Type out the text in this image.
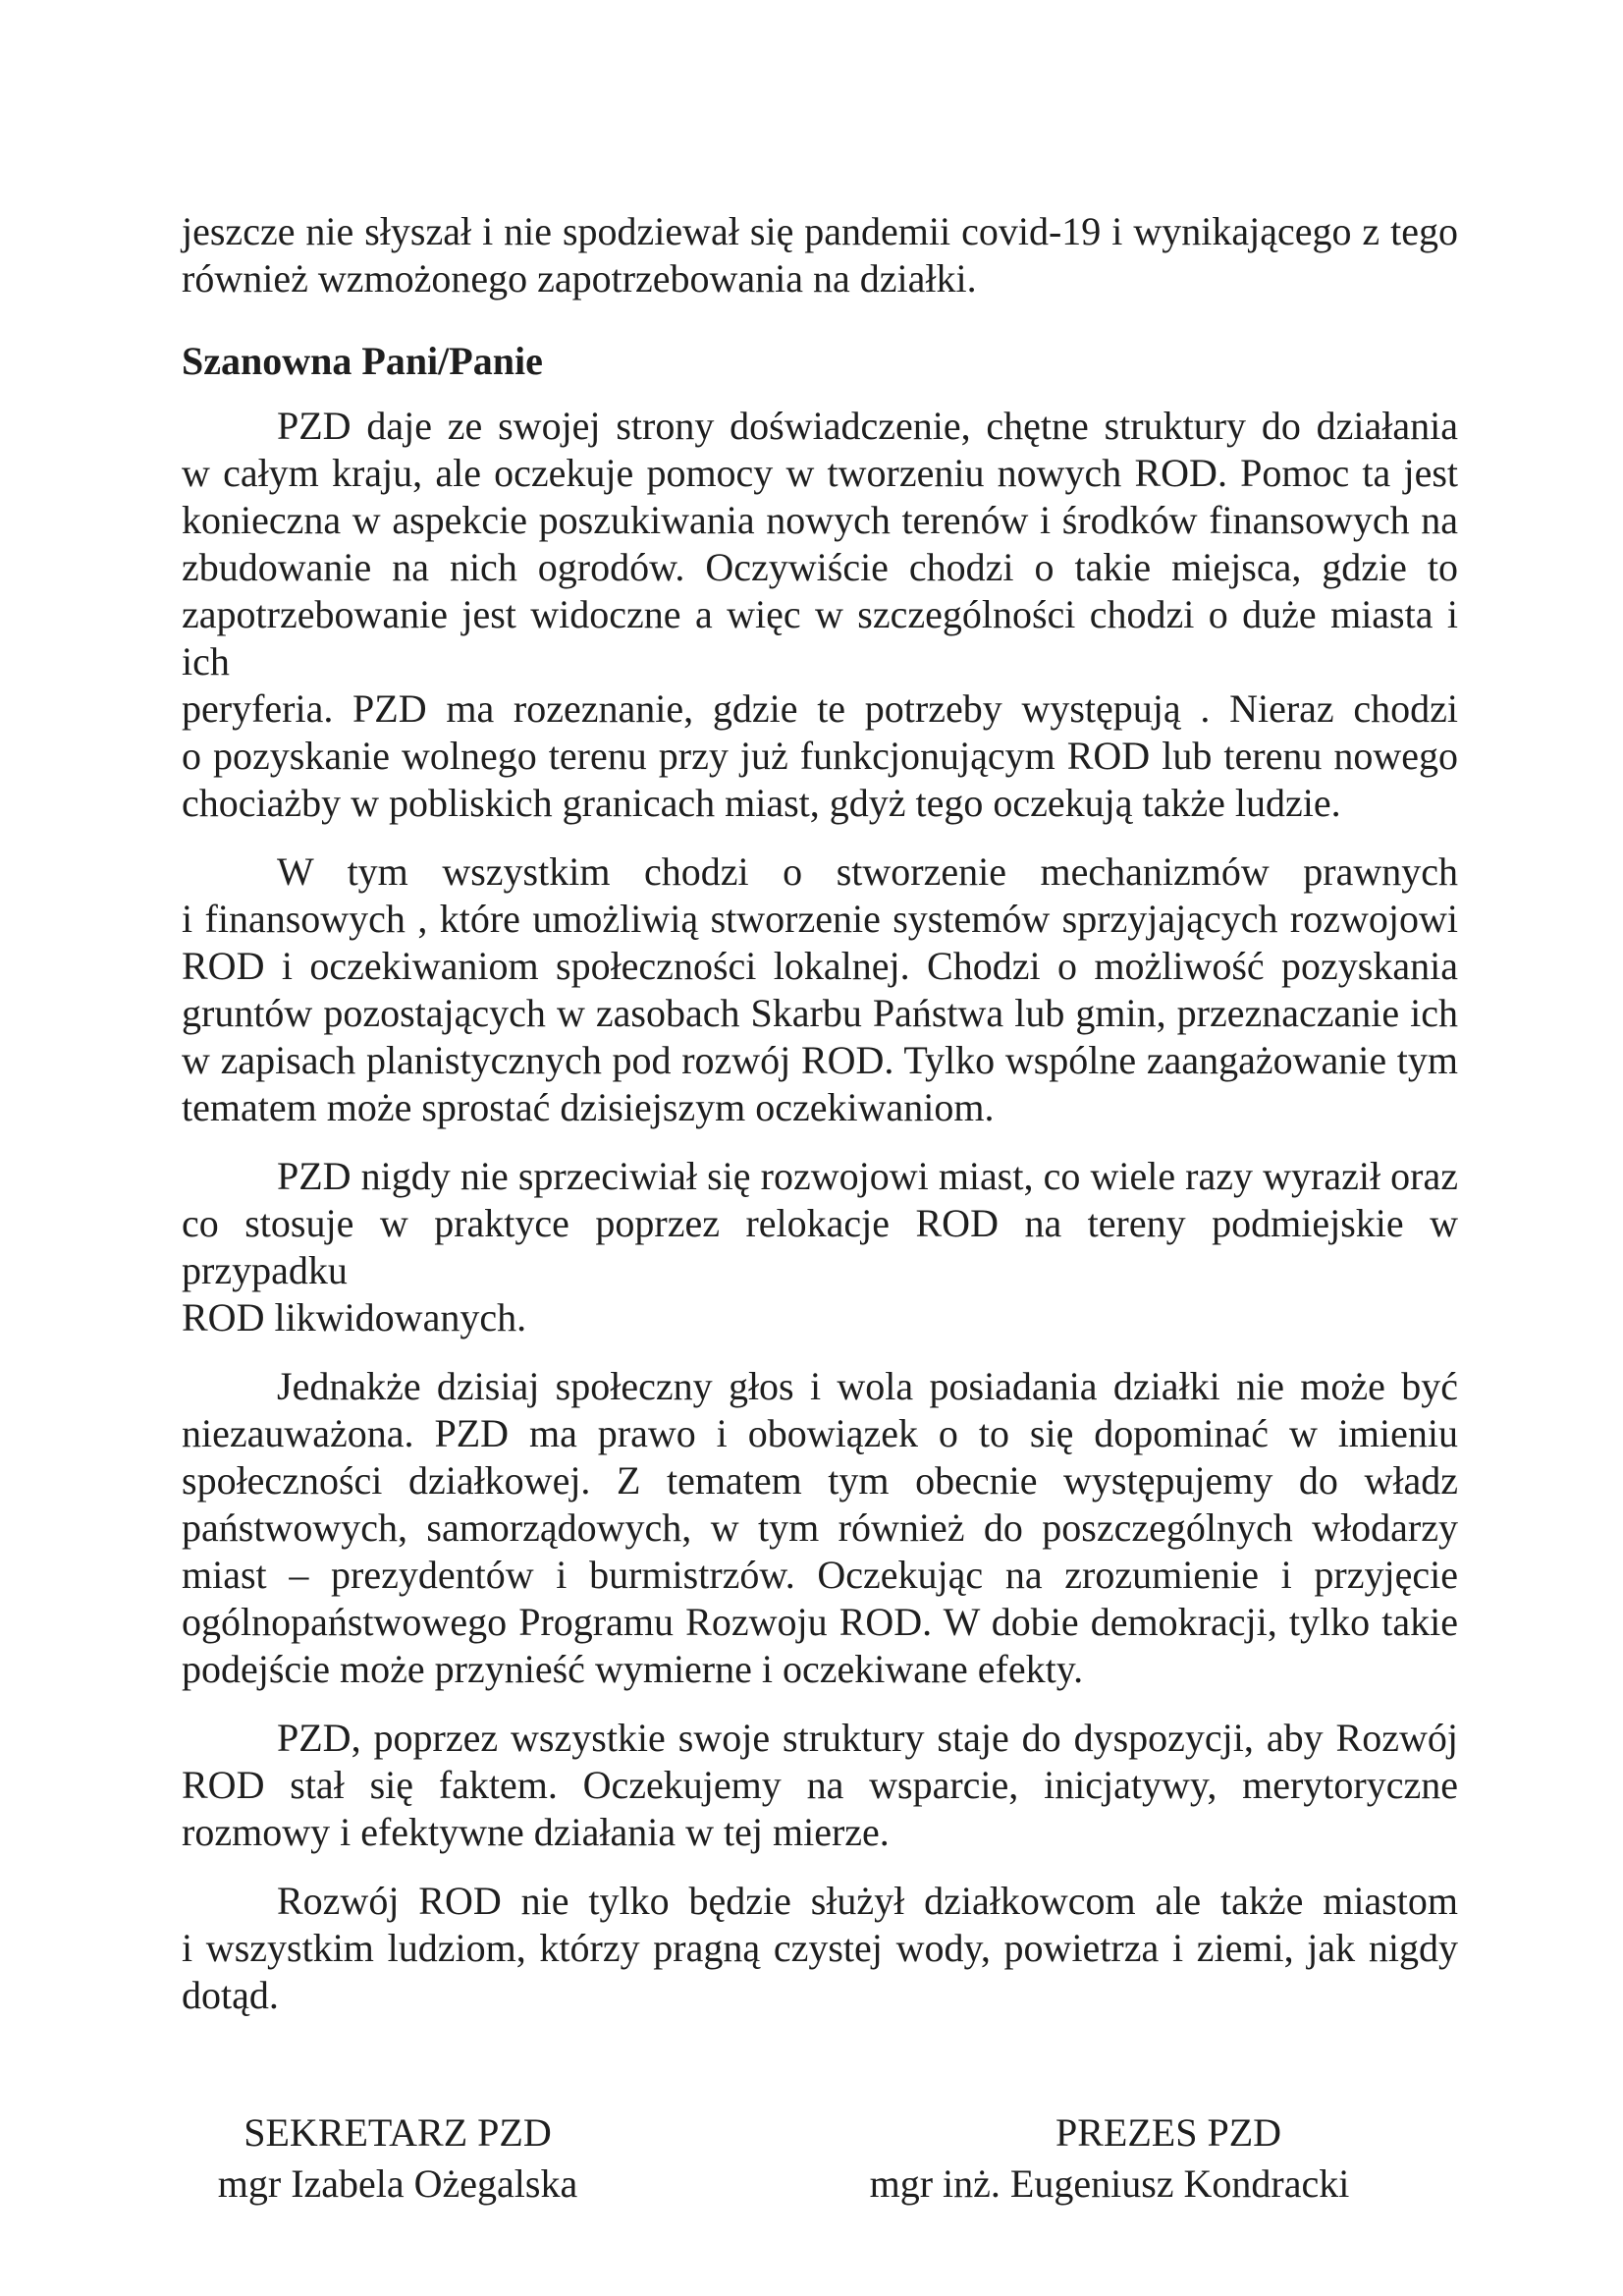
jeszcze nie słyszał i nie spodziewał się pandemii covid-19 i wynikającego z tego
również wzmożonego zapotrzebowania na działki.
Szanowna Pani/Panie
PZD daje ze swojej strony doświadczenie, chętne struktury do działania
w całym kraju, ale oczekuje pomocy w tworzeniu nowych ROD. Pomoc ta jest
konieczna w aspekcie poszukiwania nowych terenów i środków finansowych na
zbudowanie na nich ogrodów. Oczywiście chodzi o takie miejsca, gdzie to
zapotrzebowanie jest widoczne a więc w szczególności chodzi o duże miasta i ich
peryferia. PZD ma rozeznanie, gdzie te potrzeby występują . Nieraz chodzi
o pozyskanie wolnego terenu przy już funkcjonującym ROD lub terenu nowego
chociażby w pobliskich granicach miast, gdyż tego oczekują także ludzie.
W tym wszystkim chodzi o stworzenie mechanizmów prawnych
i finansowych , które umożliwią stworzenie systemów sprzyjających rozwojowi
ROD i oczekiwaniom społeczności lokalnej. Chodzi o możliwość pozyskania
gruntów pozostających w zasobach Skarbu Państwa lub gmin, przeznaczanie ich
w zapisach planistycznych pod rozwój ROD. Tylko wspólne zaangażowanie tym
tematem może sprostać dzisiejszym oczekiwaniom.
PZD nigdy nie sprzeciwiał się rozwojowi miast, co wiele razy wyraził oraz
co stosuje w praktyce poprzez relokacje ROD na tereny podmiejskie w przypadku
ROD likwidowanych.
Jednakże dzisiaj społeczny głos i wola posiadania działki nie może być
niezauważona. PZD ma prawo i obowiązek o to się dopominać w imieniu
społeczności działkowej. Z tematem tym obecnie występujemy do władz
państwowych, samorządowych, w tym również do poszczególnych włodarzy
miast – prezydentów i burmistrzów. Oczekując na zrozumienie i przyjęcie
ogólnopaństwowego Programu Rozwoju ROD. W dobie demokracji, tylko takie
podejście może przynieść wymierne i oczekiwane efekty.
PZD, poprzez wszystkie swoje struktury staje do dyspozycji, aby Rozwój
ROD stał się faktem. Oczekujemy na wsparcie, inicjatywy, merytoryczne
rozmowy i efektywne działania w tej mierze.
Rozwój ROD nie tylko będzie służył działkowcom ale także miastom
i wszystkim ludziom, którzy pragną czystej wody, powietrza i ziemi, jak nigdy
dotąd.
SEKRETARZ PZD
mgr Izabela Ożegalska
PREZES PZD
mgr inż. Eugeniusz Kondracki
